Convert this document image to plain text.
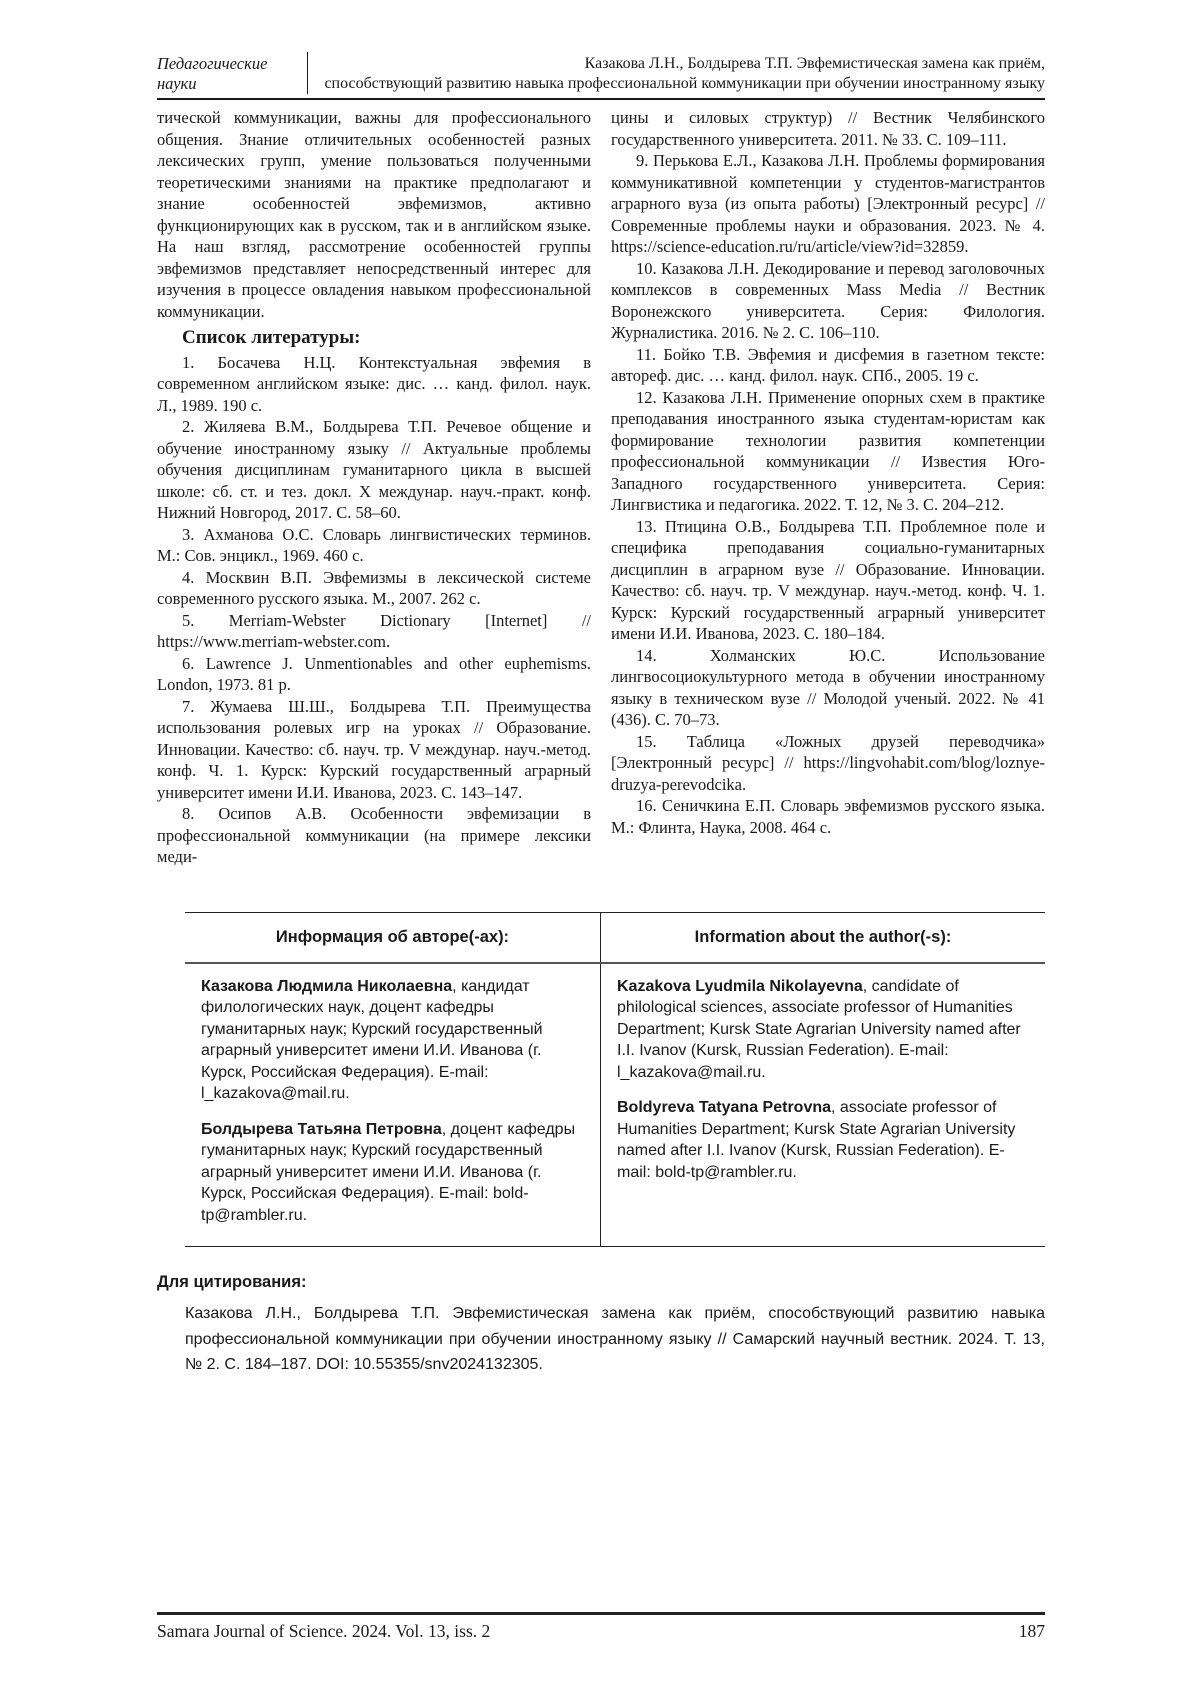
Педагогические
науки
Казакова Л.Н., Болдырева Т.П. Эвфемистическая замена как приём,
способствующий развитию навыка профессиональной коммуникации при обучении иностранному языку

тической коммуникации, важны для профессионального общения. Знание отличительных особенностей разных лексических групп, умение пользоваться полученными теоретическими знаниями на практике предполагают и знание особенностей эвфемизмов, активно функционирующих как в русском, так и в английском языке. На наш взгляд, рассмотрение особенностей группы эвфемизмов представляет непосредственный интерес для изучения в процессе овладения навыком профессиональной коммуникации.

Список литературы:

1. Босачева Н.Ц. Контекстуальная эвфемия в современном английском языке: дис. … канд. филол. наук. Л., 1989. 190 с.

2. Жиляева В.М., Болдырева Т.П. Речевое общение и обучение иностранному языку // Актуальные проблемы обучения дисциплинам гуманитарного цикла в высшей школе: сб. ст. и тез. докл. X междунар. науч.-практ. конф. Нижний Новгород, 2017. С. 58–60.

3. Ахманова О.С. Словарь лингвистических терминов. М.: Сов. энцикл., 1969. 460 с.

4. Москвин В.П. Эвфемизмы в лексической системе современного русского языка. М., 2007. 262 с.

5. Merriam-Webster Dictionary [Internet] // https://www.merriam-webster.com.

6. Lawrence J. Unmentionables and other euphemisms. London, 1973. 81 p.

7. Жумаева Ш.Ш., Болдырева Т.П. Преимущества использования ролевых игр на уроках // Образование. Инновации. Качество: сб. науч. тр. V междунар. науч.-метод. конф. Ч. 1. Курск: Курский государственный аграрный университет имени И.И. Иванова, 2023. С. 143–147.

8. Осипов А.В. Особенности эвфемизации в профессиональной коммуникации (на примере лексики меди-

цины и силовых структур) // Вестник Челябинского государственного университета. 2011. № 33. С. 109–111.

9. Перькова Е.Л., Казакова Л.Н. Проблемы формирования коммуникативной компетенции у студентов-магистрантов аграрного вуза (из опыта работы) [Электронный ресурс] // Современные проблемы науки и образования. 2023. № 4. https://science-education.ru/ru/article/view?id=32859.

10. Казакова Л.Н. Декодирование и перевод заголовочных комплексов в современных Mass Media // Вестник Воронежского университета. Серия: Филология. Журналистика. 2016. № 2. С. 106–110.

11. Бойко Т.В. Эвфемия и дисфемия в газетном тексте: автореф. дис. … канд. филол. наук. СПб., 2005. 19 с.

12. Казакова Л.Н. Применение опорных схем в практике преподавания иностранного языка студентам-юристам как формирование технологии развития компетенции профессиональной коммуникации // Известия Юго-Западного государственного университета. Серия: Лингвистика и педагогика. 2022. Т. 12, № 3. С. 204–212.

13. Птицина О.В., Болдырева Т.П. Проблемное поле и специфика преподавания социально-гуманитарных дисциплин в аграрном вузе // Образование. Инновации. Качество: сб. науч. тр. V междунар. науч.-метод. конф. Ч. 1. Курск: Курский государственный аграрный университет имени И.И. Иванова, 2023. С. 180–184.

14. Холманских Ю.С. Использование лингвосоциокультурного метода в обучении иностранному языку в техническом вузе // Молодой ученый. 2022. № 41 (436). С. 70–73.

15. Таблица «Ложных друзей переводчика» [Электронный ресурс] // https://lingvohabit.com/blog/loznye-druzya-perevodcika.

16. Сеничкина Е.П. Словарь эвфемизмов русского языка. М.: Флинта, Наука, 2008. 464 с.

Информация об авторе(-ах):	Information about the author(-s):

Казакова Людмила Николаевна, кандидат филологических наук, доцент кафедры гуманитарных наук; Курский государственный аграрный университет имени И.И. Иванова (г. Курск, Российская Федерация). E-mail: l_kazakova@mail.ru.

Болдырева Татьяна Петровна, доцент кафедры гуманитарных наук; Курский государственный аграрный университет имени И.И. Иванова (г. Курск, Российская Федерация). E-mail: bold-tp@rambler.ru.

Kazakova Lyudmila Nikolayevna, candidate of philological sciences, associate professor of Humanities Department; Kursk State Agrarian University named after I.I. Ivanov (Kursk, Russian Federation). E-mail: l_kazakova@mail.ru.

Boldyreva Tatyana Petrovna, associate professor of Humanities Department; Kursk State Agrarian University named after I.I. Ivanov (Kursk, Russian Federation). E-mail: bold-tp@rambler.ru.

Для цитирования:

Казакова Л.Н., Болдырева Т.П. Эвфемистическая замена как приём, способствующий развитию навыка профессиональной коммуникации при обучении иностранному языку // Самарский научный вестник. 2024. Т. 13, № 2. С. 184–187. DOI: 10.55355/snv2024132305.

Samara Journal of Science. 2024. Vol. 13, iss. 2	187
